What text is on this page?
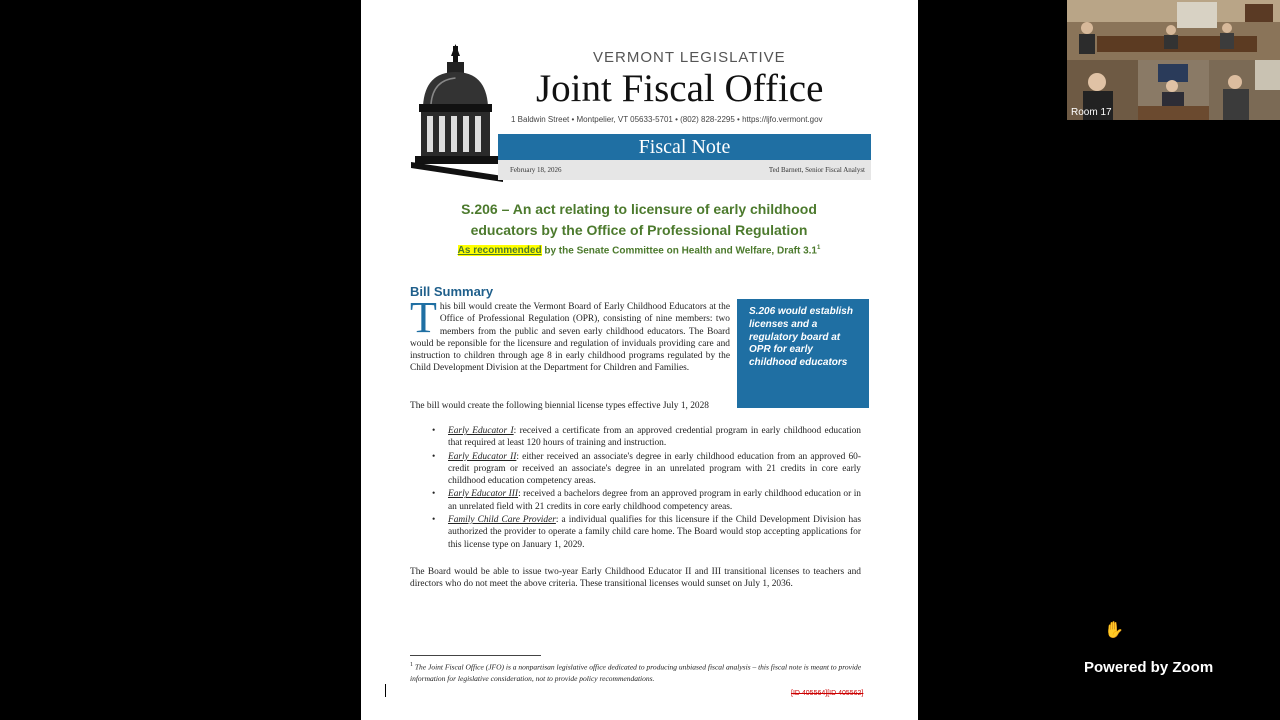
VERMONT LEGISLATIVE
Joint Fiscal Office
1 Baldwin Street • Montpelier, VT 05633-5701 • (802) 828-2295 • https://ljfo.vermont.gov
Fiscal Note
February 18, 2026	Ted Barnett, Senior Fiscal Analyst
S.206 – An act relating to licensure of early childhood
educators by the Office of Professional Regulation
As recommended by the Senate Committee on Health and Welfare, Draft $3.1^1$
Bill Summary
This bill would create the Vermont Board of Early Childhood Educators at the Office of Professional Regulation (OPR), consisting of nine members: two members from the public and seven early childhood educators. The Board would be reponsible for the licensure and regulation of inviduals providing care and instruction to children through age 8 in early childhood programs regulated by the Child Development Division at the Department for Children and Families.
S.206 would establish licenses and a regulatory board at OPR for early childhood educators
The bill would create the following biennial license types effective July 1, 2028
• Early Educator I: received a certificate from an approved credential program in early childhood education that required at least 120 hours of training and instruction.
• Early Educator II: either received an associate's degree in early childhood education from an approved 60-credit program or received an associate's degree in an unrelated program with 21 credits in core early childhood education competency areas.
• Early Educator III: received a bachelors degree from an approved program in early childhood education or in an unrelated field with 21 credits in core early childhood competency areas.
• Family Child Care Provider: a individual qualifies for this licensure if the Child Development Division has authorized the provider to operate a family child care home. The Board would stop accepting applications for this license type on January 1, 2029.
The Board would be able to issue two-year Early Childhood Educator II and III transitional licenses to teachers and directors who do not meet the above criteria. These transitional licenses would sunset on July 1, 2036.
$^1$ The Joint Fiscal Office (JFO) is a nonpartisan legislative office dedicated to producing unbiased fiscal analysis – this fiscal note is meant to provide information for legislative consideration, not to provide policy recommendations.
[ID 405564][ID 405562]
Room 17
✋
Powered by Zoom
